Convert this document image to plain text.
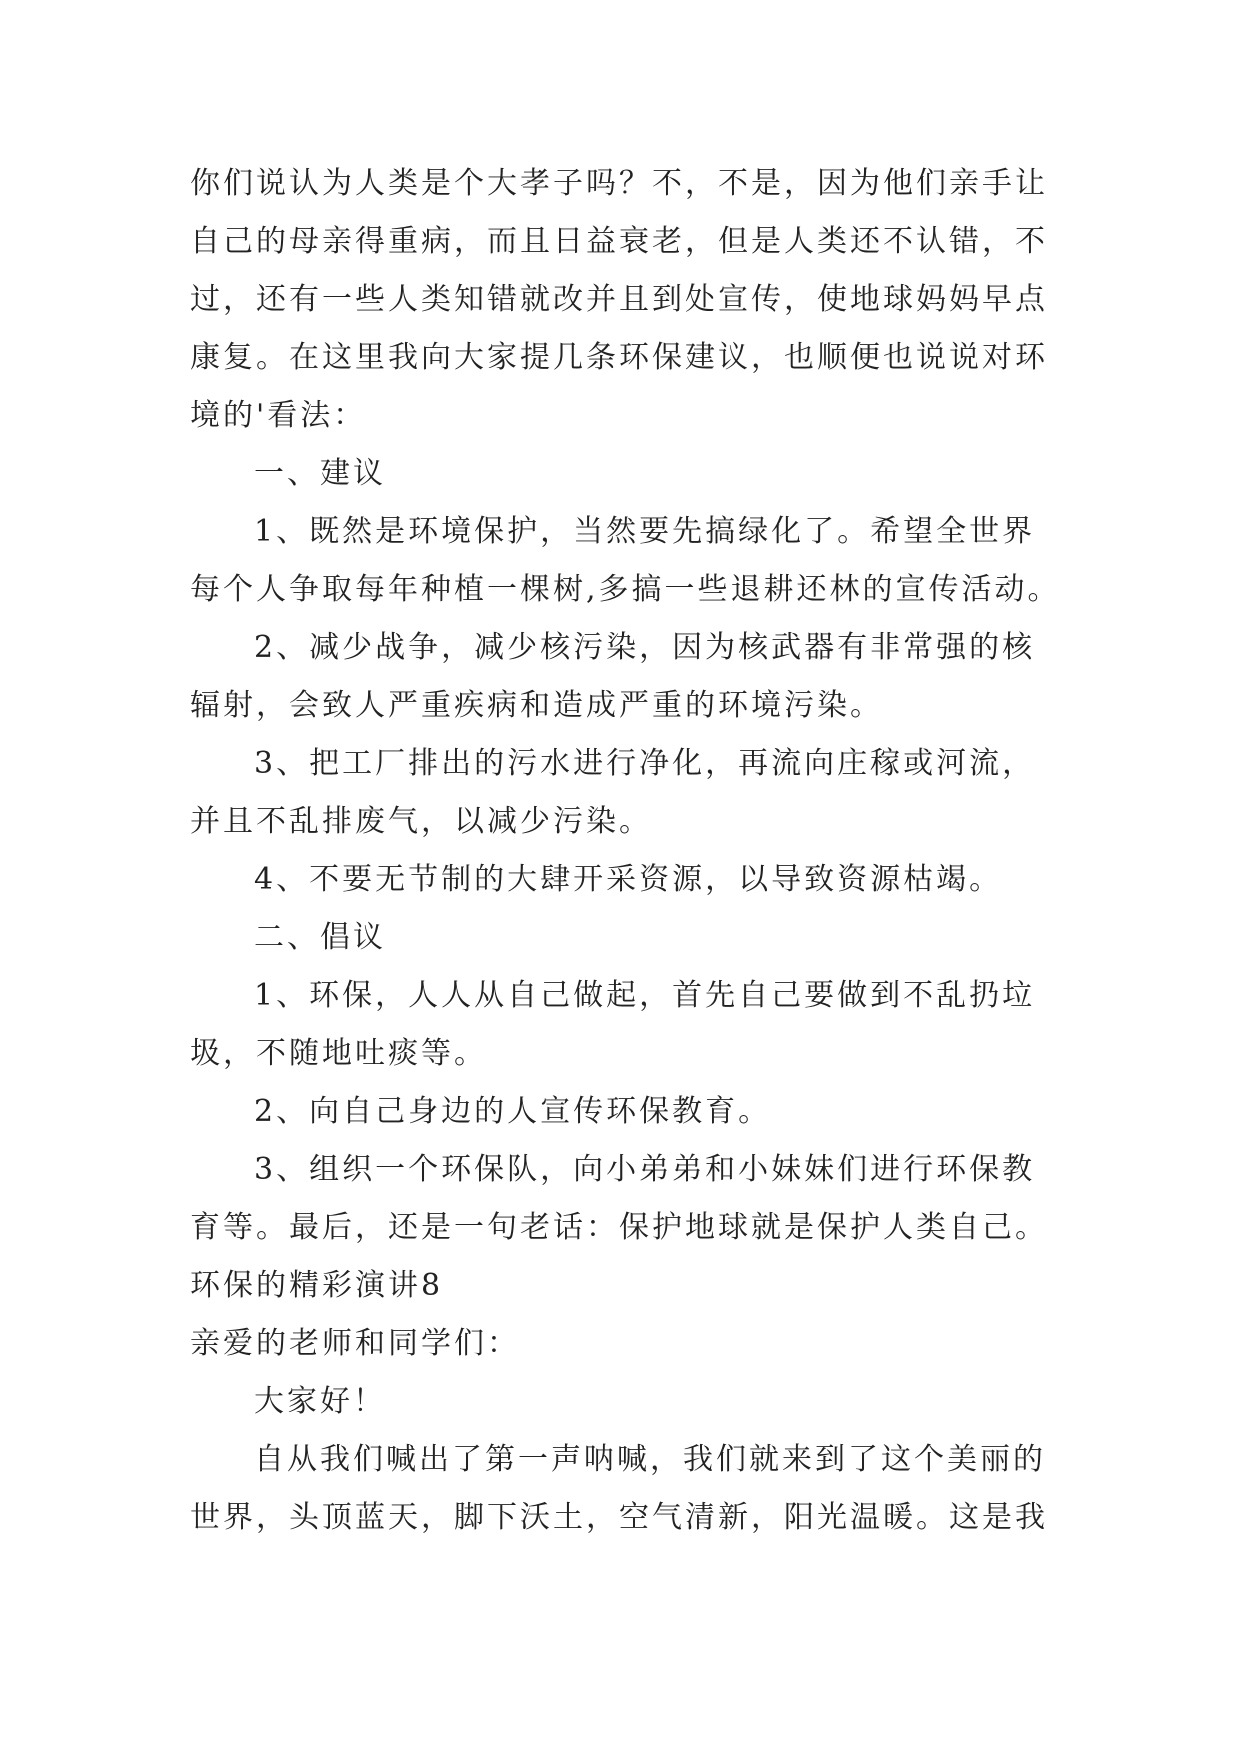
你们说认为人类是个大孝子吗？不，不是，因为他们亲手让
自己的母亲得重病，而且日益衰老，但是人类还不认错，不
过，还有一些人类知错就改并且到处宣传，使地球妈妈早点
康复。在这里我向大家提几条环保建议，也顺便也说说对环
境的'看法：
一、建议
1、既然是环境保护，当然要先搞绿化了。希望全世界
每个人争取每年种植一棵树,多搞一些退耕还林的宣传活动。
2、减少战争，减少核污染，因为核武器有非常强的核
辐射，会致人严重疾病和造成严重的环境污染。
3、把工厂排出的污水进行净化，再流向庄稼或河流，
并且不乱排废气，以减少污染。
4、不要无节制的大肆开采资源，以导致资源枯竭。
二、倡议
1、环保，人人从自己做起，首先自己要做到不乱扔垃
圾，不随地吐痰等。
2、向自己身边的人宣传环保教育。
3、组织一个环保队，向小弟弟和小妹妹们进行环保教
育等。最后，还是一句老话：保护地球就是保护人类自己。
环保的精彩演讲8
亲爱的老师和同学们：
大家好！
自从我们喊出了第一声呐喊，我们就来到了这个美丽的
世界，头顶蓝天，脚下沃土，空气清新，阳光温暖。这是我
